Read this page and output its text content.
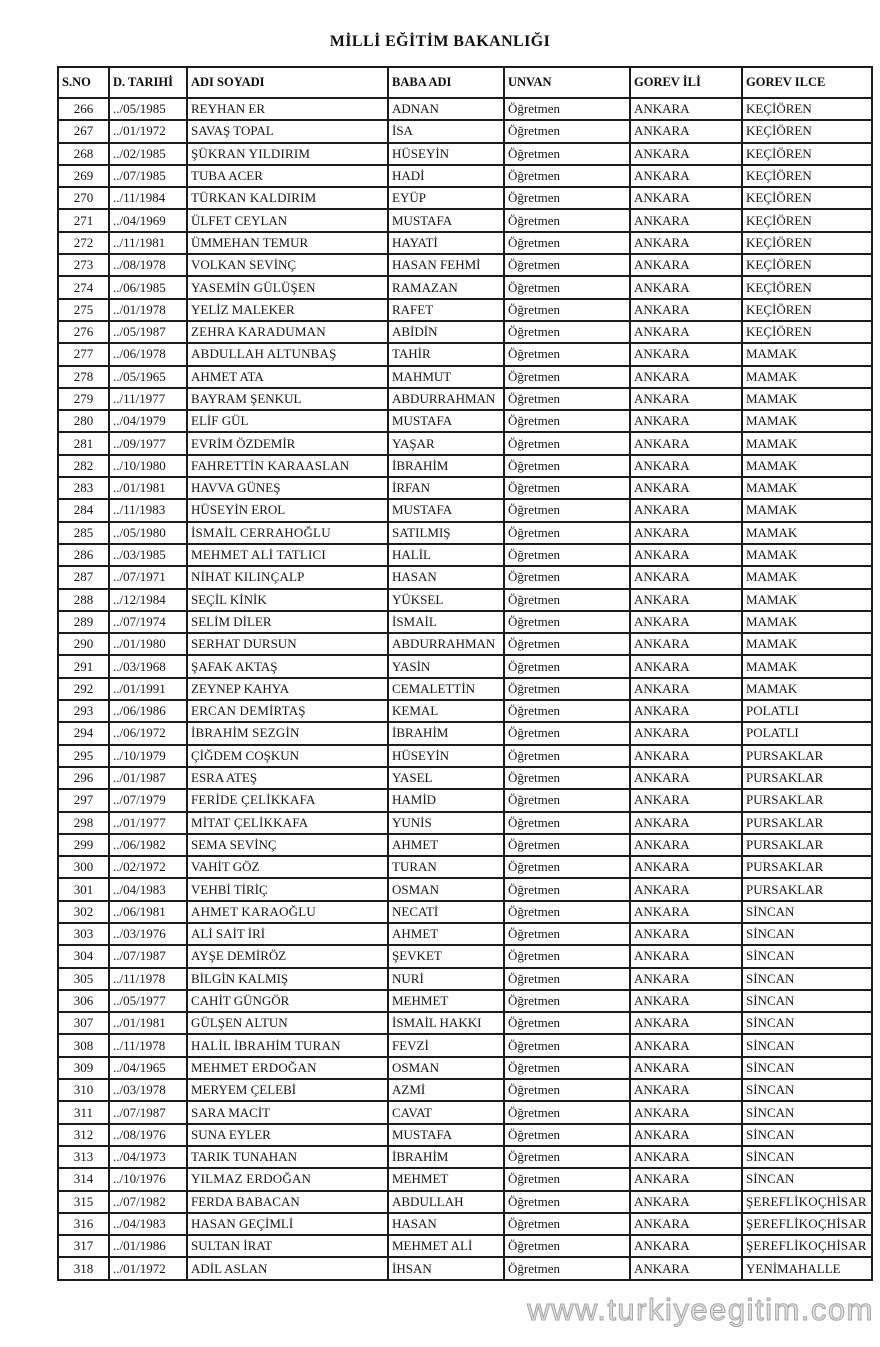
MİLLİ EĞİTİM BAKANLIĞI
S.NO	D. TARIHİ	ADI SOYADI	BABA ADI	UNVAN	GOREV İLİ	GOREV ILCE
266	../05/1985	REYHAN ER	ADNAN	Öğretmen	ANKARA	KEÇİÖREN
267	../01/1972	SAVAŞ TOPAL	İSA	Öğretmen	ANKARA	KEÇİÖREN
268	../02/1985	ŞÜKRAN YILDIRIM	HÜSEYİN	Öğretmen	ANKARA	KEÇİÖREN
269	../07/1985	TUBA ACER	HADİ	Öğretmen	ANKARA	KEÇİÖREN
270	../11/1984	TÜRKAN KALDIRIM	EYÜP	Öğretmen	ANKARA	KEÇİÖREN
271	../04/1969	ÜLFET CEYLAN	MUSTAFA	Öğretmen	ANKARA	KEÇİÖREN
272	../11/1981	ÜMMEHAN TEMUR	HAYATİ	Öğretmen	ANKARA	KEÇİÖREN
273	../08/1978	VOLKAN SEVİNÇ	HASAN FEHMİ	Öğretmen	ANKARA	KEÇİÖREN
274	../06/1985	YASEMİN GÜLÜŞEN	RAMAZAN	Öğretmen	ANKARA	KEÇİÖREN
275	../01/1978	YELİZ MALEKER	RAFET	Öğretmen	ANKARA	KEÇİÖREN
276	../05/1987	ZEHRA KARADUMAN	ABİDİN	Öğretmen	ANKARA	KEÇİÖREN
277	../06/1978	ABDULLAH ALTUNBAŞ	TAHİR	Öğretmen	ANKARA	MAMAK
278	../05/1965	AHMET ATA	MAHMUT	Öğretmen	ANKARA	MAMAK
279	../11/1977	BAYRAM ŞENKUL	ABDURRAHMAN	Öğretmen	ANKARA	MAMAK
280	../04/1979	ELİF GÜL	MUSTAFA	Öğretmen	ANKARA	MAMAK
281	../09/1977	EVRİM ÖZDEMİR	YAŞAR	Öğretmen	ANKARA	MAMAK
282	../10/1980	FAHRETTİN KARAASLAN	İBRAHİM	Öğretmen	ANKARA	MAMAK
283	../01/1981	HAVVA GÜNEŞ	İRFAN	Öğretmen	ANKARA	MAMAK
284	../11/1983	HÜSEYİN EROL	MUSTAFA	Öğretmen	ANKARA	MAMAK
285	../05/1980	İSMAİL CERRAHOĞLU	SATILMIŞ	Öğretmen	ANKARA	MAMAK
286	../03/1985	MEHMET ALİ TATLICI	HALİL	Öğretmen	ANKARA	MAMAK
287	../07/1971	NİHAT KILINÇALP	HASAN	Öğretmen	ANKARA	MAMAK
288	../12/1984	SEÇİL KİNİK	YÜKSEL	Öğretmen	ANKARA	MAMAK
289	../07/1974	SELİM DİLER	İSMAİL	Öğretmen	ANKARA	MAMAK
290	../01/1980	SERHAT DURSUN	ABDURRAHMAN	Öğretmen	ANKARA	MAMAK
291	../03/1968	ŞAFAK AKTAŞ	YASİN	Öğretmen	ANKARA	MAMAK
292	../01/1991	ZEYNEP KAHYA	CEMALETTİN	Öğretmen	ANKARA	MAMAK
293	../06/1986	ERCAN DEMİRTAŞ	KEMAL	Öğretmen	ANKARA	POLATLI
294	../06/1972	İBRAHİM SEZGİN	İBRAHİM	Öğretmen	ANKARA	POLATLI
295	../10/1979	ÇİĞDEM COŞKUN	HÜSEYİN	Öğretmen	ANKARA	PURSAKLAR
296	../01/1987	ESRA ATEŞ	YASEL	Öğretmen	ANKARA	PURSAKLAR
297	../07/1979	FERİDE ÇELİKKAFA	HAMİD	Öğretmen	ANKARA	PURSAKLAR
298	../01/1977	MİTAT ÇELİKKAFA	YUNİS	Öğretmen	ANKARA	PURSAKLAR
299	../06/1982	SEMA SEVİNÇ	AHMET	Öğretmen	ANKARA	PURSAKLAR
300	../02/1972	VAHİT GÖZ	TURAN	Öğretmen	ANKARA	PURSAKLAR
301	../04/1983	VEHBİ TİRİÇ	OSMAN	Öğretmen	ANKARA	PURSAKLAR
302	../06/1981	AHMET KARAOĞLU	NECATİ	Öğretmen	ANKARA	SİNCAN
303	../03/1976	ALİ SAİT İRİ	AHMET	Öğretmen	ANKARA	SİNCAN
304	../07/1987	AYŞE DEMİRÖZ	ŞEVKET	Öğretmen	ANKARA	SİNCAN
305	../11/1978	BİLGİN KALMIŞ	NURİ	Öğretmen	ANKARA	SİNCAN
306	../05/1977	CAHİT GÜNGÖR	MEHMET	Öğretmen	ANKARA	SİNCAN
307	../01/1981	GÜLŞEN ALTUN	İSMAİL HAKKI	Öğretmen	ANKARA	SİNCAN
308	../11/1978	HALİL İBRAHİM TURAN	FEVZİ	Öğretmen	ANKARA	SİNCAN
309	../04/1965	MEHMET ERDOĞAN	OSMAN	Öğretmen	ANKARA	SİNCAN
310	../03/1978	MERYEM ÇELEBİ	AZMİ	Öğretmen	ANKARA	SİNCAN
311	../07/1987	SARA MACİT	CAVAT	Öğretmen	ANKARA	SİNCAN
312	../08/1976	SUNA EYLER	MUSTAFA	Öğretmen	ANKARA	SİNCAN
313	../04/1973	TARIK TUNAHAN	İBRAHİM	Öğretmen	ANKARA	SİNCAN
314	../10/1976	YILMAZ ERDOĞAN	MEHMET	Öğretmen	ANKARA	SİNCAN
315	../07/1982	FERDA BABACAN	ABDULLAH	Öğretmen	ANKARA	ŞEREFLİKOÇHİSAR
316	../04/1983	HASAN GEÇİMLİ	HASAN	Öğretmen	ANKARA	ŞEREFLİKOÇHİSAR
317	../01/1986	SULTAN İRAT	MEHMET ALİ	Öğretmen	ANKARA	ŞEREFLİKOÇHİSAR
318	../01/1972	ADİL ASLAN	İHSAN	Öğretmen	ANKARA	YENİMAHALLE
www.turkiyeegitim.com
